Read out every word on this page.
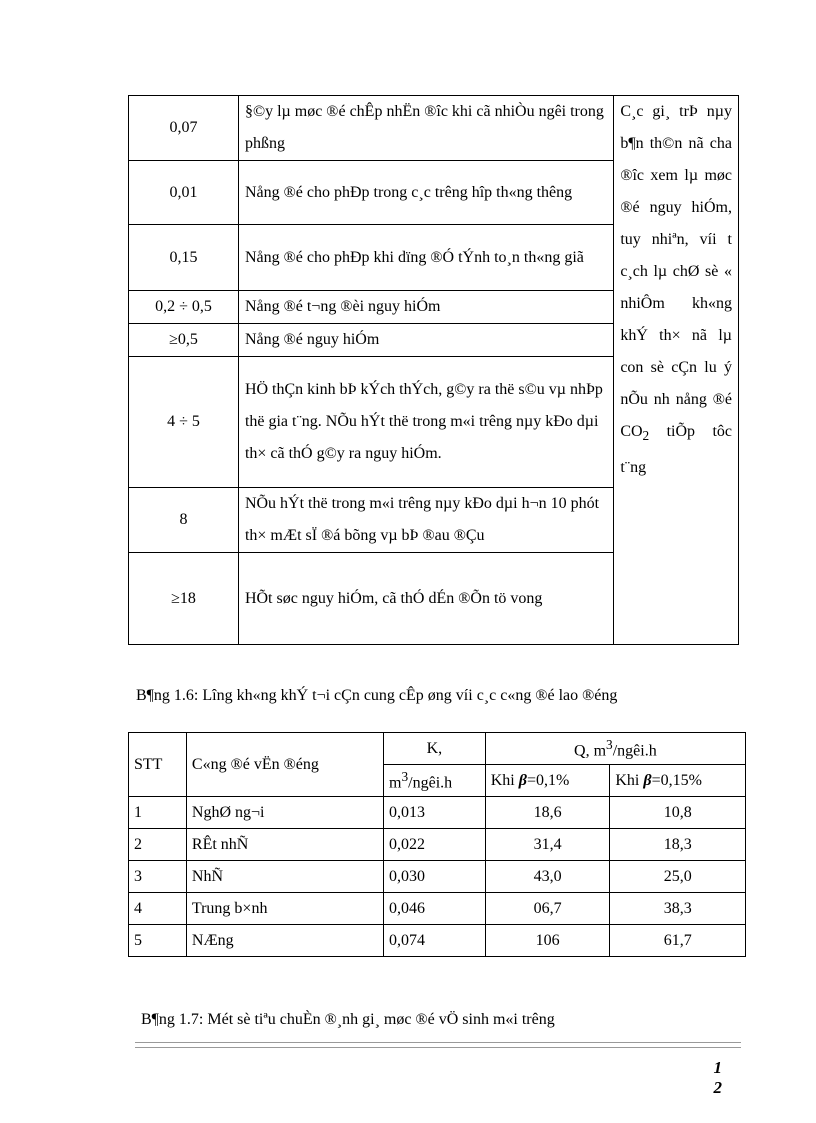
0,07	§©y lµ møc ®é chÊp nhËn ®îc khi cã nhiÒu ngêi trong phßng	C¸c gi¸ trÞ nµy b¶n th©n nã cha ®îc xem lµ møc ®é nguy hiÓm, tuy nhiªn, víi t c¸ch lµ chØ sè « nhiÔm kh«ng khÝ th× nã lµ con sè cÇn lu ý nÕu nh nång ®é $CO_2$ tiÕp tôc t¨ng
0,01	Nång ®é cho phÐp trong c¸c trêng hîp th«ng thêng	
0,15	Nång ®é cho phÐp khi dïng ®Ó tÝnh to¸n th«ng giã	
0,2 ÷ 0,5	Nång ®é t¬ng ®èi nguy hiÓm	
≥0,5	Nång ®é nguy hiÓm	
4 ÷ 5	HÖ thÇn kinh bÞ kÝch thÝch, g©y ra thë s©u vµ nhÞp thë gia t¨ng. NÕu hÝt thë trong m«i trêng nµy kÐo dµi th× cã thÓ g©y ra nguy hiÓm.	
8	NÕu hÝt thë trong m«i trêng nµy kÐo dµi h¬n 10 phót th× mÆt sÏ ®á bõng vµ bÞ ®au ®Çu	
≥18	HÕt søc nguy hiÓm, cã thÓ dÉn ®Õn tö vong	
B¶ng 1.6: Lîng kh«ng khÝ t¬i cÇn cung cÊp øng víi c¸c c«ng ®é lao ®éng
STT	C«ng ®é vËn ®éng	K,	Q, $m^3/ngêi.h$	
		$m^3/ngêi.h$	Khi β=0,1%	Khi β=0,15%
1	NghØ ng¬i	0,013	18,6	10,8
2	RÊt nhÑ	0,022	31,4	18,3
3	NhÑ	0,030	43,0	25,0
4	Trung b×nh	0,046	06,7	38,3
5	NÆng	0,074	106	61,7
B¶ng 1.7: Mét sè tiªu chuÈn ®¸nh gi¸ møc ®é vÖ sinh m«i trêng
1
2
